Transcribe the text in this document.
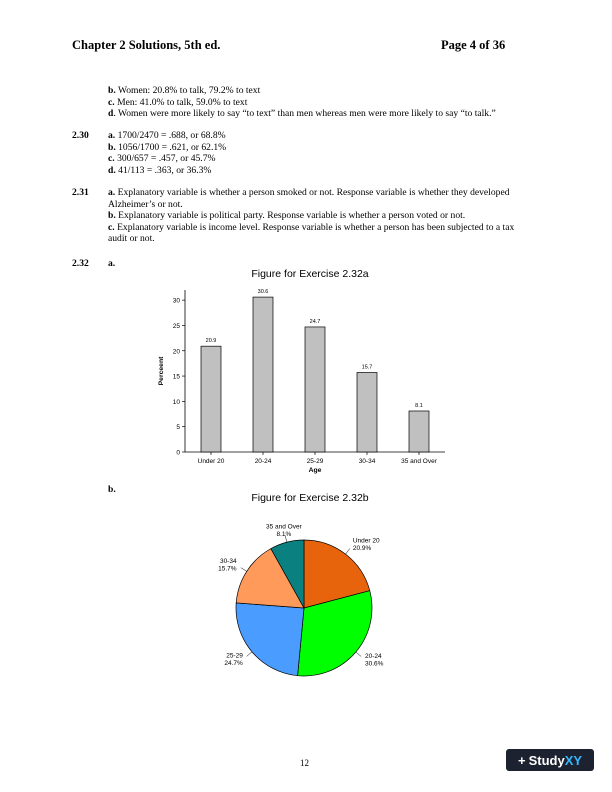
Chapter 2 Solutions, 5th ed.	Page 4 of 36
b. Women: 20.8% to talk, 79.2% to text
c. Men: 41.0% to talk, 59.0% to text
d. Women were more likely to say “to text” than men whereas men were more likely to say “to talk.”
2.30 a. 1700/2470 = .688, or 68.8%
b. 1056/1700 = .621, or 62.1%
c. 300/657 = .457, or 45.7%
d. 41/113 = .363, or 36.3%
2.31 a. Explanatory variable is whether a person smoked or not. Response variable is whether they developed
Alzheimer’s or not.
b. Explanatory variable is political party. Response variable is whether a person voted or not.
c. Explanatory variable is income level. Response variable is whether a person has been subjected to a tax
audit or not.
2.32 a.
Figure for Exercise 2.32a
0
5
10
15
20
25
30
20.9
Under 20
30.6
20-24
24.7
25-29
15.7
30-34
8.1
35 and Over
Age
Perceent
b.
Figure for Exercise 2.32b
Under 20 20.9%
20-24 30.6%
25-29 24.7%
30-34 15.7%
35 and Over 8.1%
12	+ StudyXY
